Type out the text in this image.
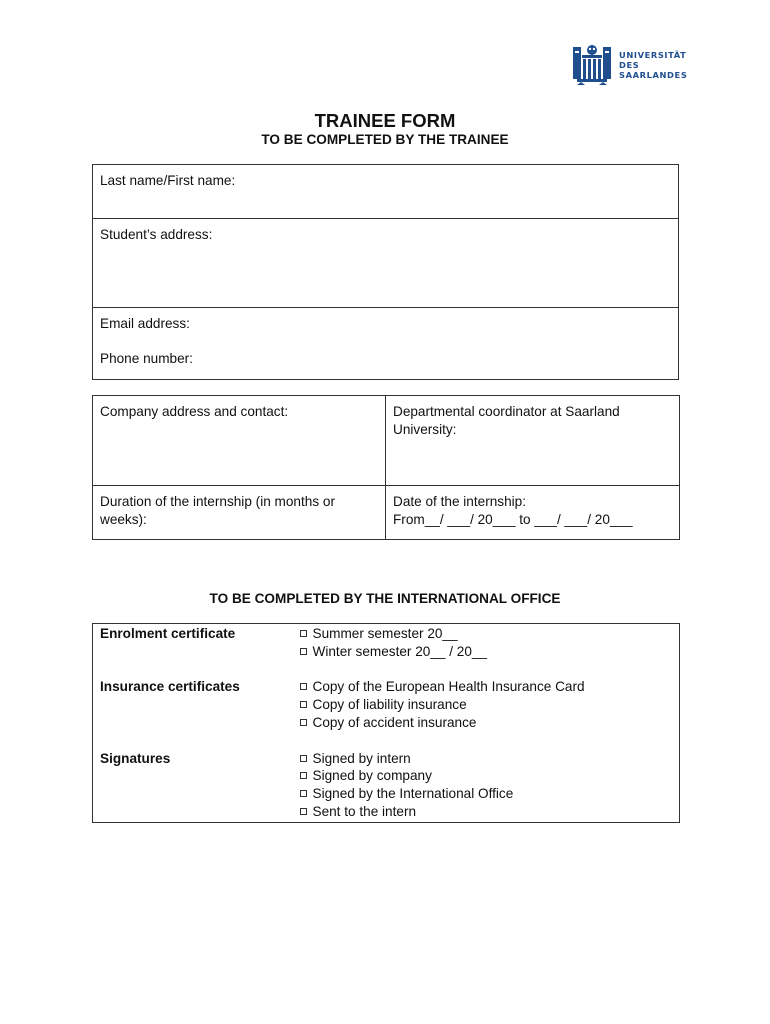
UNIVERSITÄT
DES
SAARLANDES
TRAINEE FORM
TO BE COMPLETED BY THE TRAINEE
Last name/First name:
Student’s address:

Email address:
Phone number:
Company address and contact:	Departmental coordinator at Saarland University:
Duration of the internship (in months or weeks):	Date of the internship:
From__/ ___/ 20___ to ___/ ___/ 20___
TO BE COMPLETED BY THE INTERNATIONAL OFFICE
Enrolment certificate	Summer semester 20__
Winter semester 20__ / 20__

Insurance certificates	Copy of the European Health Insurance Card
Copy of liability insurance
Copy of accident insurance

Signatures	Signed by intern
Signed by company
Signed by the International Office
Sent to the intern
